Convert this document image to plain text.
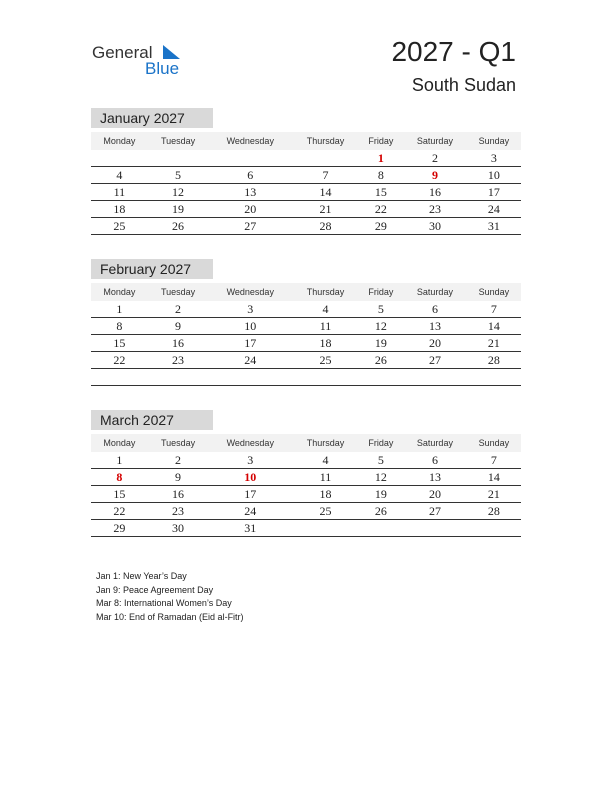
General
Blue
2027 - Q1
South Sudan
January 2027
Monday	Tuesday	Wednesday	Thursday	Friday	Saturday	Sunday
				1	2	3
4	5	6	7	8	9	10
11	12	13	14	15	16	17
18	19	20	21	22	23	24
25	26	27	28	29	30	31
February 2027
Monday	Tuesday	Wednesday	Thursday	Friday	Saturday	Sunday
1	2	3	4	5	6	7
8	9	10	11	12	13	14
15	16	17	18	19	20	21
22	23	24	25	26	27	28

March 2027
Monday	Tuesday	Wednesday	Thursday	Friday	Saturday	Sunday
1	2	3	4	5	6	7
8	9	10	11	12	13	14
15	16	17	18	19	20	21
22	23	24	25	26	27	28
29	30	31				
Jan 1: New Year’s Day
Jan 9: Peace Agreement Day
Mar 8: International Women’s Day
Mar 10: End of Ramadan (Eid al-Fitr)
